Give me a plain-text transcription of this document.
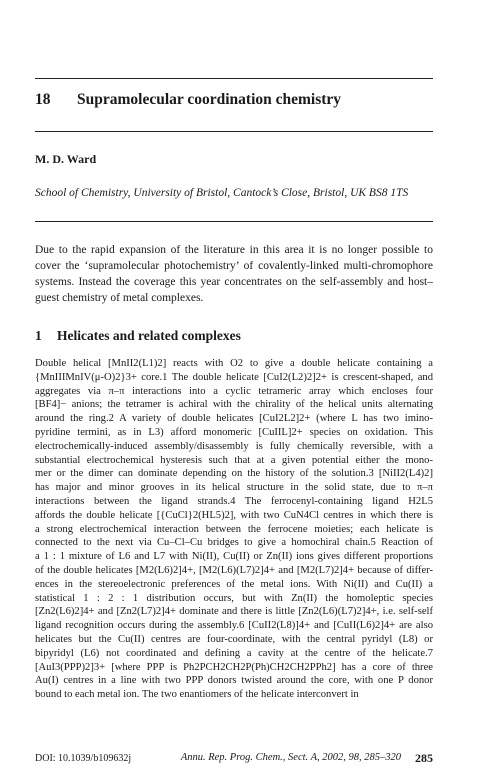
18 Supramolecular coordination chemistry
M. D. Ward
School of Chemistry, University of Bristol, Cantock’s Close, Bristol, UK BS8 1TS
Due to the rapid expansion of the literature in this area it is no longer possible to cover the ‘supramolecular photochemistry’ of covalently-linked multi-chromophore systems. Instead the coverage this year concentrates on the self-assembly and host–guest chemistry of metal complexes.
1 Helicates and related complexes
Double helical [MnII2(L1)2] reacts with O2 to give a double helicate containing a
{MnIIIMnIV(μ-O)2}3+ core.1 The double helicate [CuI2(L2)2]2+ is crescent-shaped, and
aggregates via π–π interactions into a cyclic tetrameric array which encloses four
[BF4]− anions; the tetramer is achiral with the chirality of the helical units alternating
around the ring.2 A variety of double helicates [CuI2L2]2+ (where L has two imino-
pyridine termini, as in L3) afford monomeric [CuIIL]2+ species on oxidation. This
electrochemically-induced assembly/disassembly is fully chemically reversible, with a
substantial electrochemical hysteresis such that at a given potential either the mono-
mer or the dimer can dominate depending on the history of the solution.3 [NiII2(L4)2]
has major and minor grooves in its helical structure in the solid state, due to π–π
interactions between the ligand strands.4 The ferrocenyl-containing ligand H2L5
affords the double helicate [{CuCl}2(HL5)2], with two CuN4Cl centres in which there is
a strong electrochemical interaction between the ferrocene moieties; each helicate is
connected to the next via Cu–Cl–Cu bridges to give a homochiral chain.5 Reaction of
a 1 : 1 mixture of L6 and L7 with Ni(II), Cu(II) or Zn(II) ions gives different proportions
of the double helicates [M2(L6)2]4+, [M2(L6)(L7)2]4+ and [M2(L7)2]4+ because of differ-
ences in the stereoelectronic preferences of the metal ions. With Ni(II) and Cu(II) a
statistical 1 : 2 : 1 distribution occurs, but with Zn(II) the homoleptic species
[Zn2(L6)2]4+ and [Zn2(L7)2]4+ dominate and there is little [Zn2(L6)(L7)2]4+, i.e. self-self
ligand recognition occurs during the assembly.6 [CuII2(L8)]4+ and [CuII(L6)2]4+ are also
helicates but the Cu(II) centres are four-coordinate, with the central pyridyl (L8) or
bipyridyl (L6) not coordinated and defining a cavity at the centre of the helicate.7
[AuI3(PPP)2]3+ [where PPP is Ph2PCH2CH2P(Ph)CH2CH2PPh2] has a core of three
Au(I) centres in a line with two PPP donors twisted around the core, with one P donor
bound to each metal ion. The two enantiomers of the helicate interconvert in
DOI: 10.1039/b109632j	Annu. Rep. Prog. Chem., Sect. A, 2002, 98, 285–320 285
